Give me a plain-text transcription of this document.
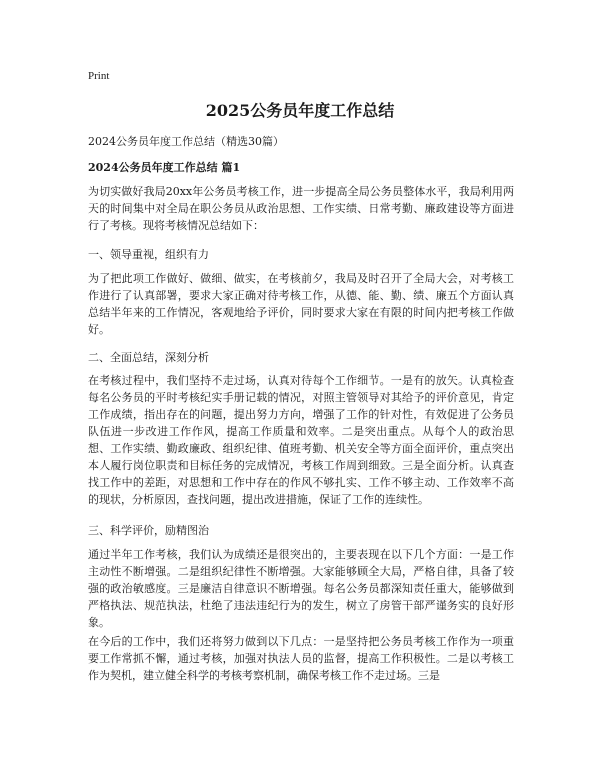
Print
2025公务员年度工作总结
2024公务员年度工作总结（精选30篇）
2024公务员年度工作总结 篇1

为切实做好我局20xx年公务员考核工作，进一步提高全局公务员整体水平，我局利用两天的时间集中对全局在职公务员从政治思想、工作实绩、日常考勤、廉政建设等方面进行了考核。现将考核情况总结如下：

一、领导重视，组织有力

为了把此项工作做好、做细、做实，在考核前夕，我局及时召开了全局大会，对考核工作进行了认真部署，要求大家正确对待考核工作，从德、能、勤、绩、廉五个方面认真总结半年来的工作情况，客观地给予评价，同时要求大家在有限的时间内把考核工作做好。

二、全面总结，深刻分析

在考核过程中，我们坚持不走过场，认真对待每个工作细节。一是有的放矢。认真检查每名公务员的平时考核纪实手册记载的情况，对照主管领导对其给予的评价意见，肯定工作成绩，指出存在的问题，提出努力方向，增强了工作的针对性，有效促进了公务员队伍进一步改进工作作风，提高工作质量和效率。二是突出重点。从每个人的政治思想、工作实绩、勤政廉政、组织纪律、值班考勤、机关安全等方面全面评价，重点突出本人履行岗位职责和目标任务的完成情况，考核工作周到细致。三是全面分析。认真查找工作中的差距，对思想和工作中存在的作风不够扎实、工作不够主动、工作效率不高的现状，分析原因，查找问题，提出改进措施，保证了工作的连续性。

三、科学评价，励精图治

通过半年工作考核，我们认为成绩还是很突出的，主要表现在以下几个方面：一是工作主动性不断增强。二是组织纪律性不断增强。大家能够顾全大局，严格自律，具备了较强的政治敏感度。三是廉洁自律意识不断增强。每名公务员都深知责任重大，能够做到严格执法、规范执法，杜绝了违法违纪行为的发生，树立了房管干部严谨务实的良好形象。

在今后的工作中，我们还将努力做到以下几点：一是坚持把公务员考核工作作为一项重要工作常抓不懈，通过考核，加强对执法人员的监督，提高工作积极性。二是以考核工作为契机，建立健全科学的考核考察机制，确保考核工作不走过场。三是
